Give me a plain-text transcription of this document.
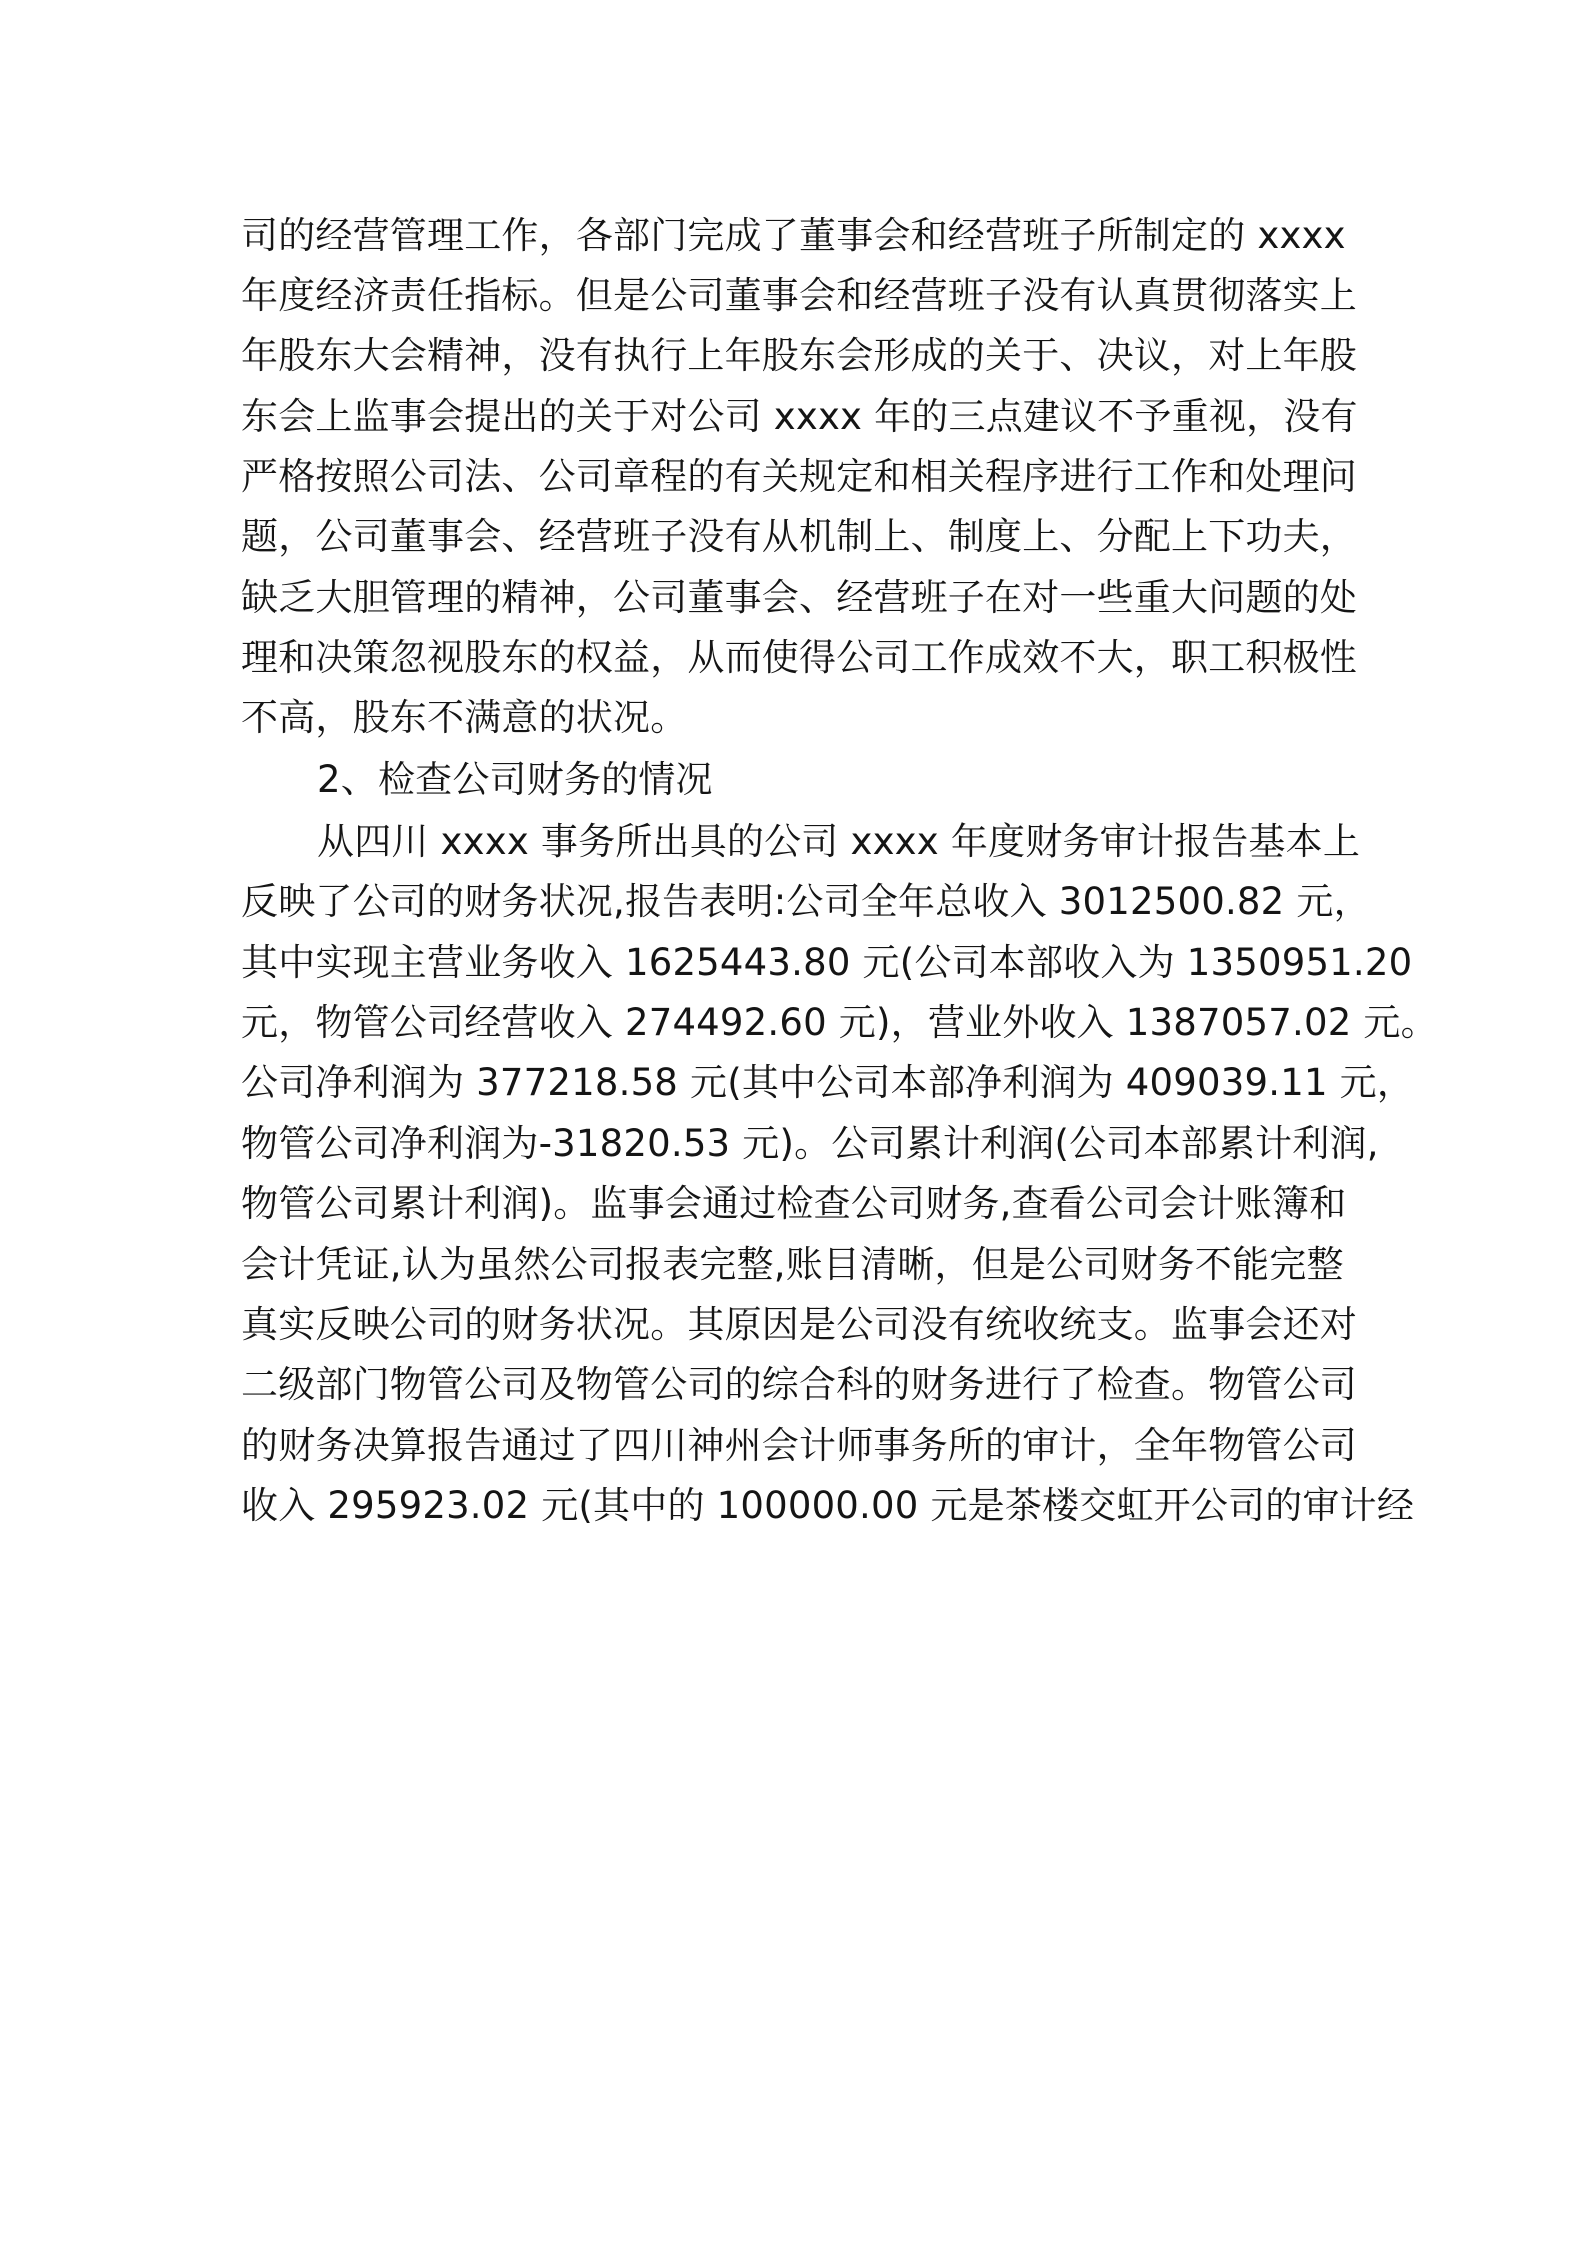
司的经营管理工作，各部门完成了董事会和经营班子所制定的 xxxx
年度经济责任指标。但是公司董事会和经营班子没有认真贯彻落实上
年股东大会精神，没有执行上年股东会形成的关于、决议，对上年股
东会上监事会提出的关于对公司 xxxx 年的三点建议不予重视，没有
严格按照公司法、公司章程的有关规定和相关程序进行工作和处理问
题，公司董事会、经营班子没有从机制上、制度上、分配上下功夫，
缺乏大胆管理的精神，公司董事会、经营班子在对一些重大问题的处
理和决策忽视股东的权益，从而使得公司工作成效不大，职工积极性
不高，股东不满意的状况。
2、检查公司财务的情况
从四川 xxxx 事务所出具的公司 xxxx 年度财务审计报告基本上
反映了公司的财务状况,报告表明:公司全年总收入 3012500.82 元，
其中实现主营业务收入 1625443.80 元(公司本部收入为 1350951.20
元，物管公司经营收入 274492.60 元)，营业外收入 1387057.02 元。
公司净利润为 377218.58 元(其中公司本部净利润为 409039.11 元，
物管公司净利润为-31820.53 元)。公司累计利润(公司本部累计利润,
物管公司累计利润)。监事会通过检查公司财务,查看公司会计账簿和
会计凭证,认为虽然公司报表完整,账目清晰，但是公司财务不能完整
真实反映公司的财务状况。其原因是公司没有统收统支。监事会还对
二级部门物管公司及物管公司的综合科的财务进行了检查。物管公司
的财务决算报告通过了四川神州会计师事务所的审计，全年物管公司
收入 295923.02 元(其中的 100000.00 元是茶楼交虹开公司的审计经
